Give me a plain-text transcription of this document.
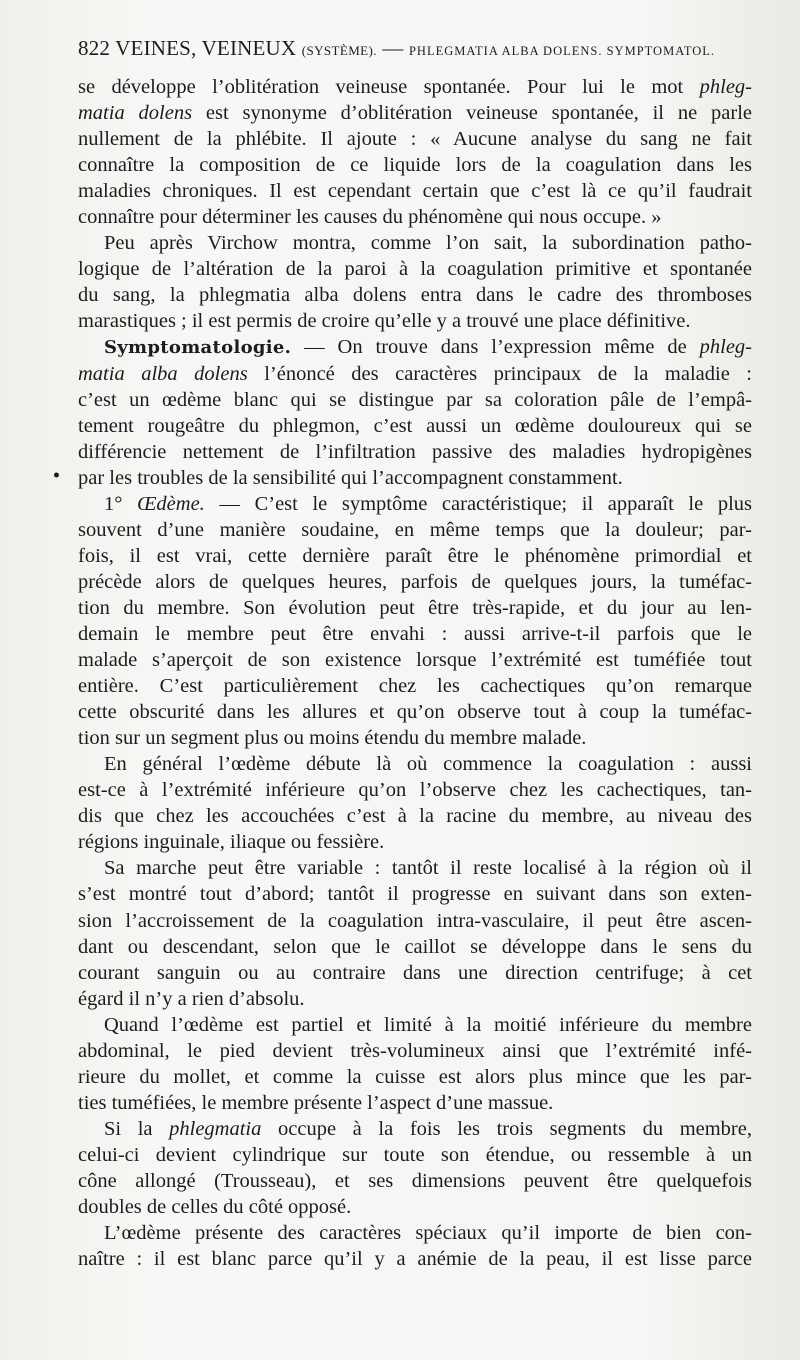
822 VEINES, VEINEUX (SYSTÈME). — PHLEGMATIA ALBA DOLENS. SYMPTOMATOL.
•
se développe l’oblitération veineuse spontanée. Pour lui le mot phleg-
matia dolens est synonyme d’oblitération veineuse spontanée, il ne parle
nullement de la phlébite. Il ajoute : « Aucune analyse du sang ne fait
connaître la composition de ce liquide lors de la coagulation dans les
maladies chroniques. Il est cependant certain que c’est là ce qu’il faudrait
connaître pour déterminer les causes du phénomène qui nous occupe. »
Peu après Virchow montra, comme l’on sait, la subordination patho-
logique de l’altération de la paroi à la coagulation primitive et spontanée
du sang, la phlegmatia alba dolens entra dans le cadre des thromboses
marastiques ; il est permis de croire qu’elle y a trouvé une place définitive.
Symptomatologie. — On trouve dans l’expression même de phleg-
matia alba dolens l’énoncé des caractères principaux de la maladie :
c’est un œdème blanc qui se distingue par sa coloration pâle de l’empâ-
tement rougeâtre du phlegmon, c’est aussi un œdème douloureux qui se
différencie nettement de l’infiltration passive des maladies hydropigènes
par les troubles de la sensibilité qui l’accompagnent constamment.
1° Œdème. — C’est le symptôme caractéristique; il apparaît le plus
souvent d’une manière soudaine, en même temps que la douleur; par-
fois, il est vrai, cette dernière paraît être le phénomène primordial et
précède alors de quelques heures, parfois de quelques jours, la tuméfac-
tion du membre. Son évolution peut être très-rapide, et du jour au len-
demain le membre peut être envahi : aussi arrive-t-il parfois que le
malade s’aperçoit de son existence lorsque l’extrémité est tuméfiée tout
entière. C’est particulièrement chez les cachectiques qu’on remarque
cette obscurité dans les allures et qu’on observe tout à coup la tuméfac-
tion sur un segment plus ou moins étendu du membre malade.
En général l’œdème débute là où commence la coagulation : aussi
est-ce à l’extrémité inférieure qu’on l’observe chez les cachectiques, tan-
dis que chez les accouchées c’est à la racine du membre, au niveau des
régions inguinale, iliaque ou fessière.
Sa marche peut être variable : tantôt il reste localisé à la région où il
s’est montré tout d’abord; tantôt il progresse en suivant dans son exten-
sion l’accroissement de la coagulation intra-vasculaire, il peut être ascen-
dant ou descendant, selon que le caillot se développe dans le sens du
courant sanguin ou au contraire dans une direction centrifuge; à cet
égard il n’y a rien d’absolu.
Quand l’œdème est partiel et limité à la moitié inférieure du membre
abdominal, le pied devient très-volumineux ainsi que l’extrémité infé-
rieure du mollet, et comme la cuisse est alors plus mince que les par-
ties tuméfiées, le membre présente l’aspect d’une massue.
Si la phlegmatia occupe à la fois les trois segments du membre,
celui-ci devient cylindrique sur toute son étendue, ou ressemble à un
cône allongé (Trousseau), et ses dimensions peuvent être quelquefois
doubles de celles du côté opposé.
L’œdème présente des caractères spéciaux qu’il importe de bien con-
naître : il est blanc parce qu’il y a anémie de la peau, il est lisse parce
